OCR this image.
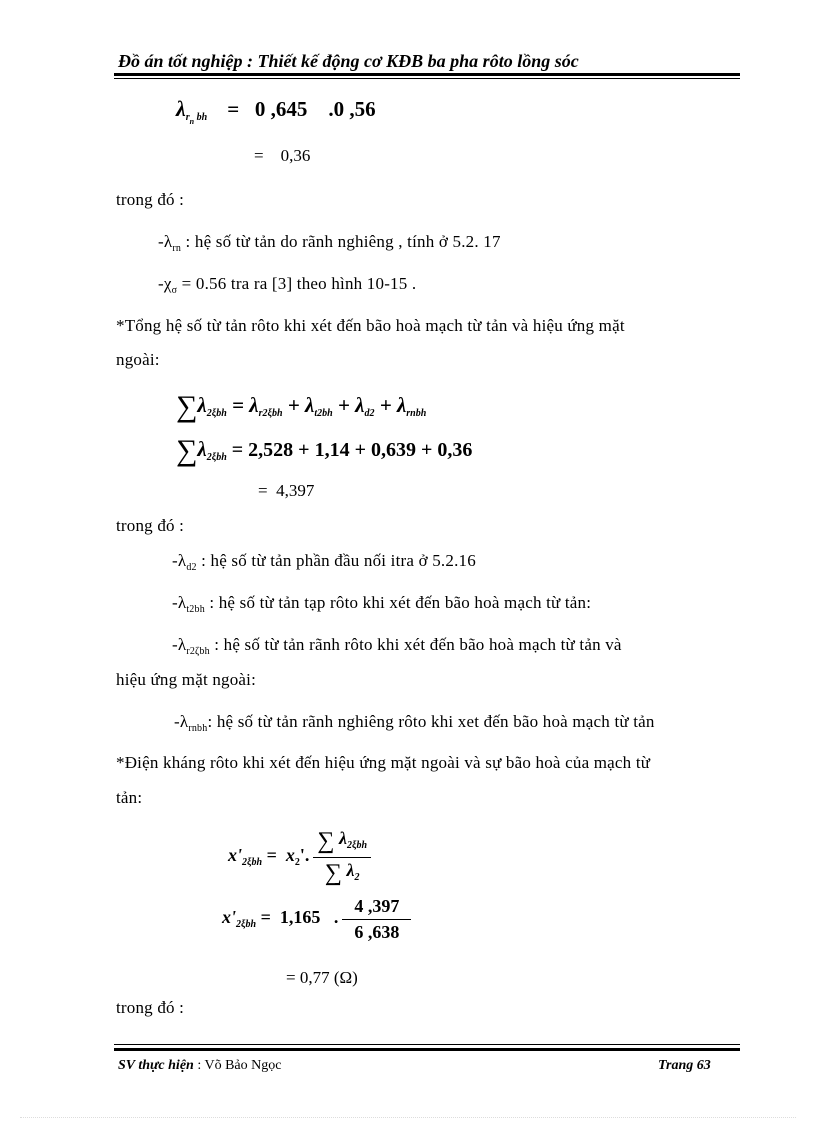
Đồ án tốt nghiệp : Thiết kế động cơ KĐB ba pha rôto lồng sóc
$\lambda_{r_n bh} = 0$ ,645    .0 ,56
=    0,36
trong đó :
$-\lambda_{rn}$ : hệ số từ tản do rãnh nghiêng , tính ở 5.2. 17
$-\chi_\sigma = 0.56$ tra ra [3] theo hình 10-15 .
*Tổng hệ số từ tản rôto khi xét đến bão hoà mạch từ tản và hiệu ứng mặt
ngoài:
$\sum\lambda_{2\xi bh} = \lambda_{r2\xi bh} + \lambda_{t2bh} + \lambda_{d2} + \lambda_{rnbh}$
$\sum\lambda_{2\xi bh} = 2,528 + 1,14 + 0,639 + 0,36$
=  4,397
trong đó :
$-\lambda_{d2}$ : hệ số từ tản phần đầu nối itra ở 5.2.16
$-\lambda_{t2bh}$ : hệ số từ tản tạp rôto khi xét đến bão hoà mạch từ tản:
$-\lambda_{r2\zeta bh}$ : hệ số từ tản rãnh rôto khi xét đến bão hoà mạch từ tản và
hiệu ứng mặt ngoài:
$-\lambda_{rnbh}$: hệ số từ tản rãnh nghiêng rôto khi xet đến bão hoà mạch từ tản
*Điện kháng rôto khi xét đến hiệu ứng mặt ngoài và sự bão hoà của mạch từ
tản:
$x'_{2\xi bh} = x_2'$. $\frac{\sum \lambda_{2\xi bh}}{\sum \lambda_2}$
$x'_{2\xi bh} = 1,165$   . $\frac{4 ,397}{6 ,638}$
= 0,77 (Ω)
trong đó :
SV thực hiện : Võ Bảo Ngọc	Trang 63
